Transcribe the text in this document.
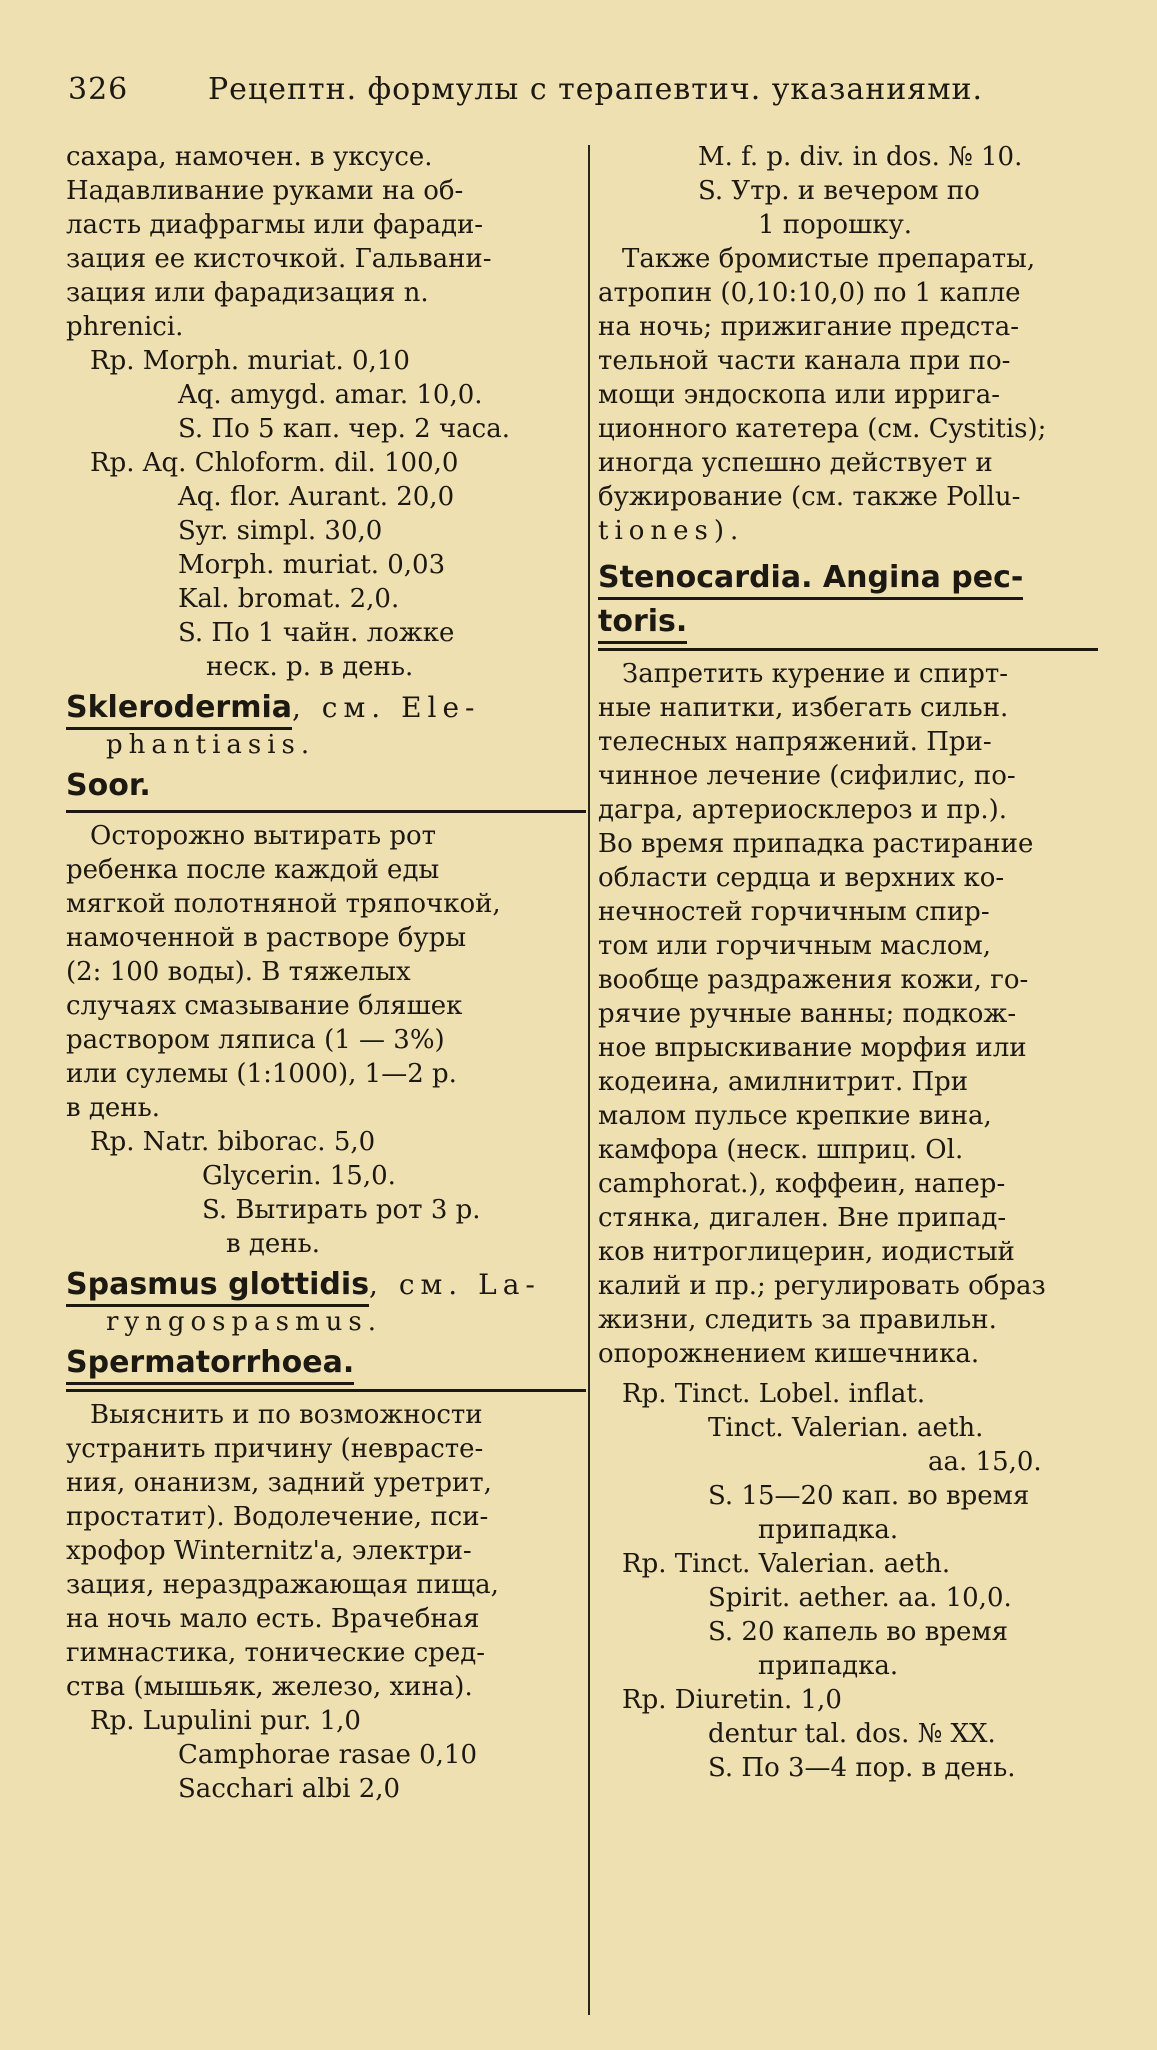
326	Рецептн. формулы с терапевтич. указаниями.
сахара, намочен. в уксусе.
Надавливание руками на об-
ласть диафрагмы или фаради-
зация ее кисточкой. Гальвани-
зация или фарадизация n.
phrenici.
Rp. Morph. muriat. 0,10
Aq. amygd. amar. 10,0.
S. По 5 кап. чер. 2 часа.
Rp. Aq. Chloform. dil. 100,0
Aq. flor. Aurant. 20,0
Syr. simpl. 30,0
Morph. muriat. 0,03
Kal. bromat. 2,0.
S. По 1 чайн. ложке
неск. р. в день.
Sklerodermia, см. Ele-
phantiasis.
Soor.
Осторожно вытирать рот
ребенка после каждой еды
мягкой полотняной тряпочкой,
намоченной в растворе буры
(2: 100 воды). В тяжелых
случаях смазывание бляшек
раствором ляписа (1 — 3%)
или сулемы (1:1000), 1—2 р.
в день.
Rp. Natr. biborac. 5,0
Glycerin. 15,0.
S. Вытирать рот 3 р.
в день.
Spasmus glottidis, см. La-
ryngospasmus.
Spermatorrhoea.
Выяснить и по возможности
устранить причину (неврасте-
ния, онанизм, задний уретрит,
простатит). Водолечение, пси-
хрофор Winternitz'a, электри-
зация, нераздражающая пища,
на ночь мало есть. Врачебная
гимнастика, тонические сред-
ства (мышьяк, железо, хина).
Rp. Lupulini pur. 1,0
Camphorae rasae 0,10
Sacchari albi 2,0
M. f. p. div. in dos. № 10.
S. Утр. и вечером по
1 порошку.
Также бромистые препараты,
атропин (0,10:10,0) по 1 капле
на ночь; прижигание предста-
тельной части канала при по-
мощи эндоскопа или ирригa-
ционного катетера (см. Cystitis);
иногда успешно действует и
бужирование (см. также Pollu-
tiones).
Stenocardia. Angina pec-
toris.
Запретить курение и спирт-
ные напитки, избегать сильн.
телесных напряжений. При-
чинное лечение (сифилис, по-
дагра, артериосклероз и пр.).
Во время припадка растирание
области сердца и верхних ко-
нечностей горчичным спир-
том или горчичным маслом,
вообще раздражения кожи, го-
рячие ручные ванны; подкож-
ное впрыскивание морфия или
кодеина, амилнитрит. При
малом пульсе крепкие вина,
камфора (неск. шприц. Ol.
camphorat.), коффеин, напер-
стянка, дигален. Вне припад-
ков нитроглицерин, иодистый
калий и пр.; регулировать образ
жизни, следить за правильн.
опорожнением кишечника.
Rp. Tinct. Lobel. inflat.
Tinct. Valerian. aeth.
aa. 15,0.
S. 15—20 кап. во время
припадка.
Rp. Tinct. Valerian. aeth.
Spirit. aether. aa. 10,0.
S. 20 капель во время
припадка.
Rp. Diuretin. 1,0
dentur tal. dos. № XX.
S. По 3—4 пор. в день.
